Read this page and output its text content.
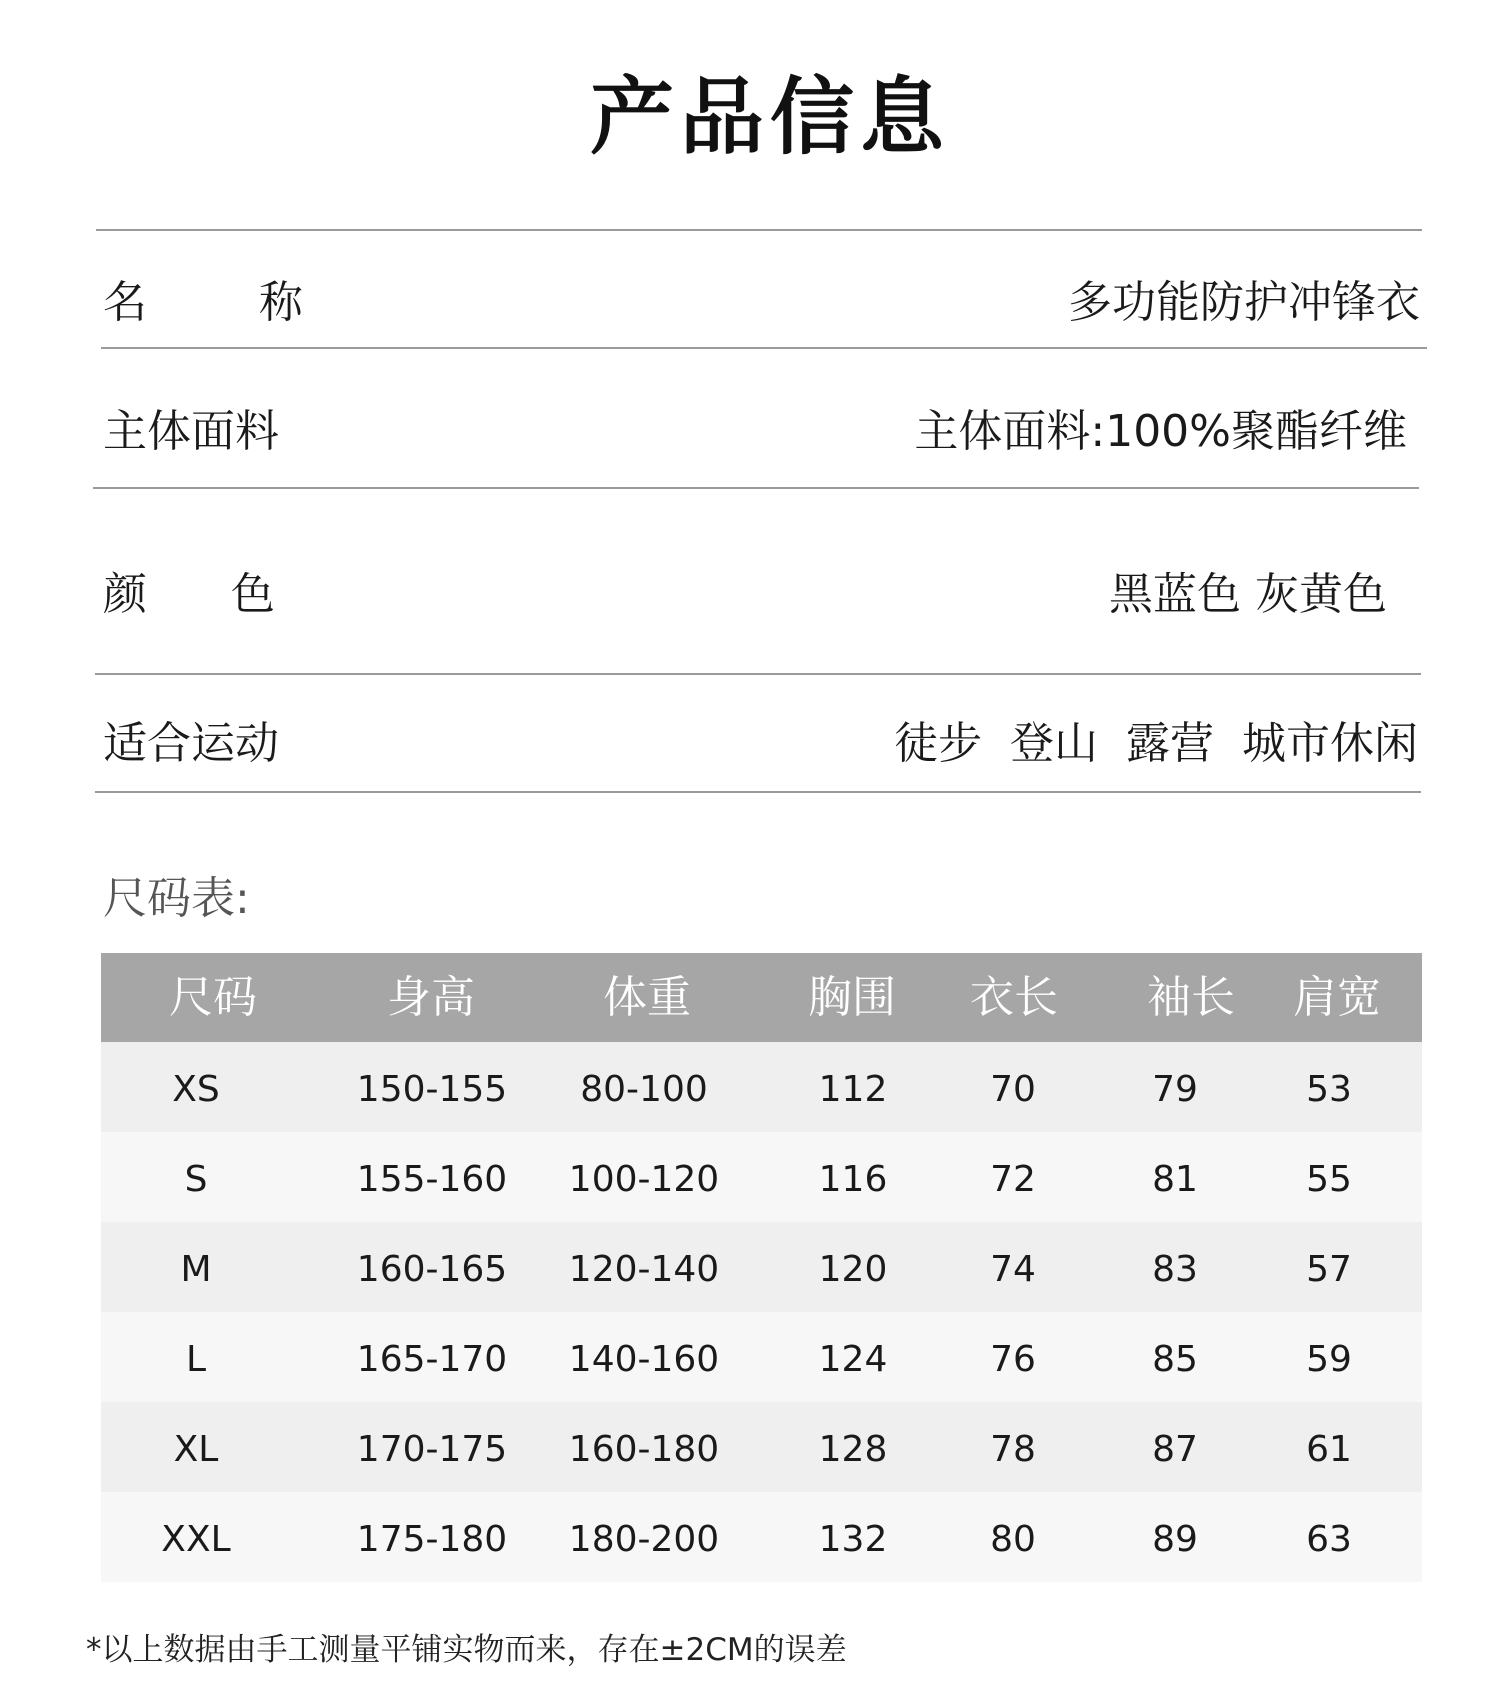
产品信息
名        称	多功能防护冲锋衣
主体面料	主体面料:100%聚酯纤维
颜      色	黑蓝色 灰黄色
适合运动	徒步  登山  露营  城市休闲
尺码表:
尺码	身高	体重	胸围 衣长 袖长 肩宽
XS	150-155 80-100	112	70	79	53
S	155-160 100-120	116	72	81	55
M	160-165 120-140	120	74	83	57
L	165-170 140-160	124	76	85	59
XL	170-175 160-180	128	78	87	61
XXL	175-180 180-200	132	80	89	63
*以上数据由手工测量平铺实物而来，存在±2CM的误差
